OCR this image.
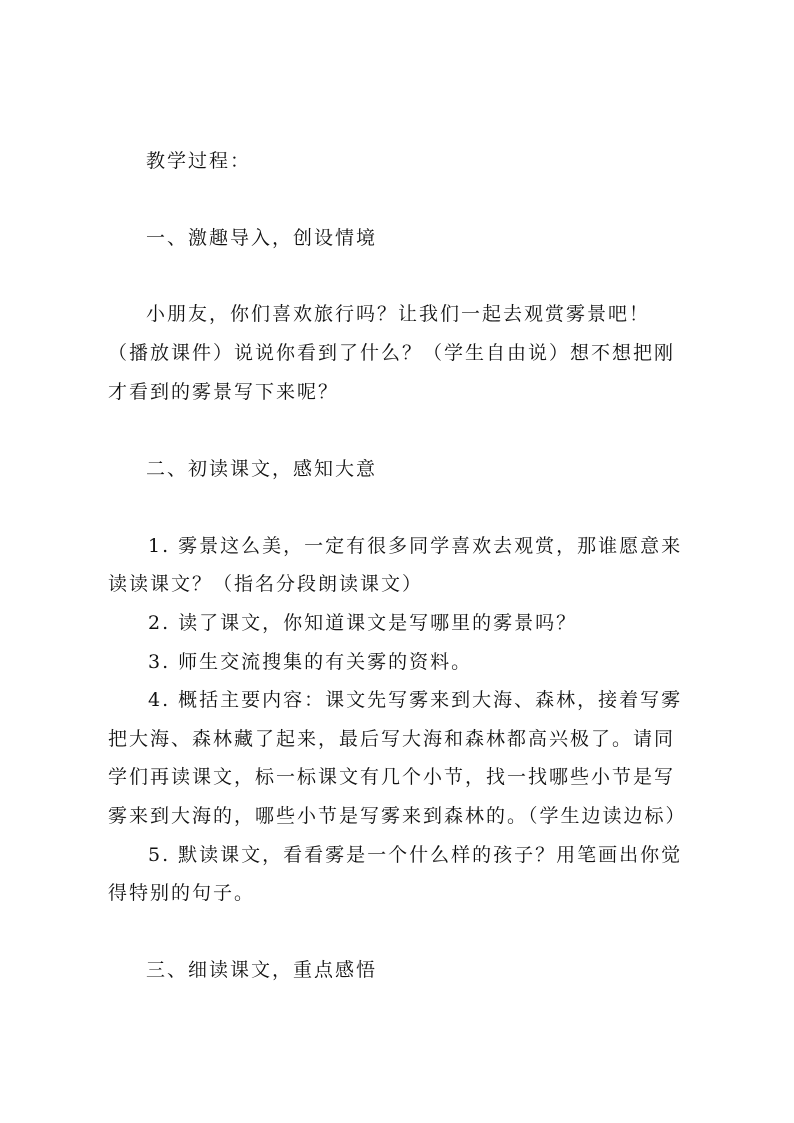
教学过程：
一、激趣导入，创设情境
小朋友，你们喜欢旅行吗？让我们一起去观赏雾景吧！
（播放课件）说说你看到了什么？（学生自由说）想不想把刚
才看到的雾景写下来呢？
二、初读课文，感知大意
1. 雾景这么美，一定有很多同学喜欢去观赏，那谁愿意来
读读课文？（指名分段朗读课文）
2. 读了课文，你知道课文是写哪里的雾景吗？
3. 师生交流搜集的有关雾的资料。
4. 概括主要内容：课文先写雾来到大海、森林，接着写雾
把大海、森林藏了起来，最后写大海和森林都高兴极了。请同
学们再读课文，标一标课文有几个小节，找一找哪些小节是写
雾来到大海的，哪些小节是写雾来到森林的。（学生边读边标）
5. 默读课文，看看雾是一个什么样的孩子？用笔画出你觉
得特别的句子。
三、细读课文，重点感悟
